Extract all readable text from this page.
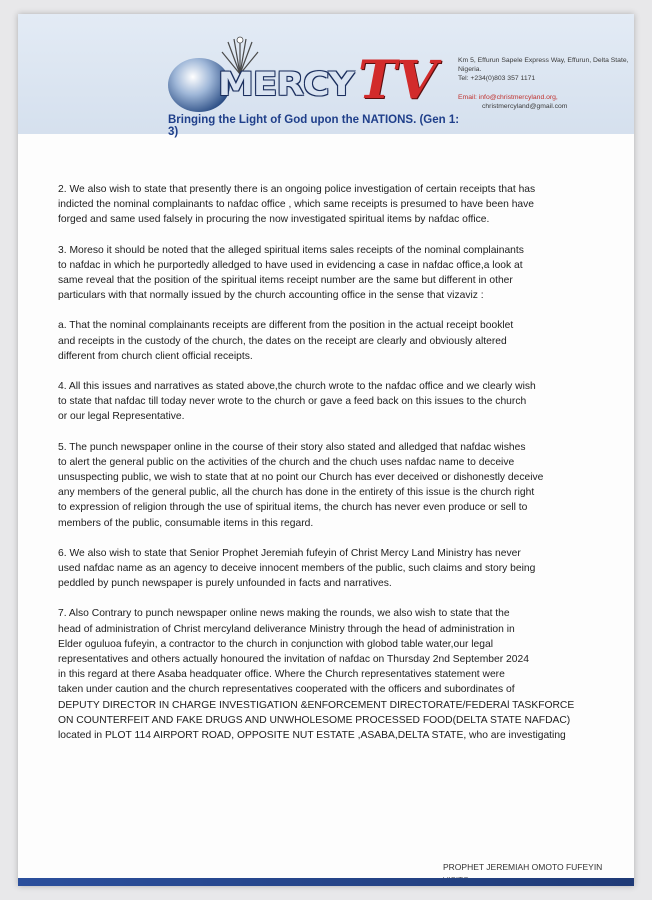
MERCY TV
Bringing the Light of God upon the NATIONS. (Gen 1: 3)
Km 5, Effurun Sapele Express Way, Effurun, Delta State, Nigeria.
Tel: +234(0)803 357 1171
Email: info@christmercyland.org,
christmercyland@gmail.com

2. We also wish to state that presently there is an ongoing police investigation of certain receipts that has
indicted the nominal complainants to nafdac office , which same receipts is presumed to have been have
forged and same used falsely in procuring the now investigated spiritual items by nafdac office.

3. Moreso it should be noted that the alleged spiritual items sales receipts of the nominal complainants
to nafdac in which he purportedly alledged to have used in evidencing a case in nafdac office,a look at
same reveal that the position of the spiritual items receipt number are the same but different in other
particulars with that normally issued by the church accounting office in the sense that vizaviz :

a. That the nominal complainants receipts are different from the position in the actual receipt booklet
and receipts in the custody of the church, the dates on the receipt are clearly and obviously altered
different from church client official receipts.

4. All this issues and narratives as stated above,the church wrote to the nafdac office and we clearly wish
to state that nafdac till today never wrote to the church or gave a feed back on this issues to the church
or our legal Representative.

5. The punch newspaper online in the course of their story also stated and alledged that nafdac wishes
to alert the general public on the activities of the church and the chuch uses nafdac name to deceive
unsuspecting public, we wish to state that at no point our Church has ever deceived or dishonestly deceive
any members of the general public, all the church has done in the entirety of this issue is the church right
to expression of religion through the use of spiritual items, the church has never even produce or sell to
members of the public, consumable items in this regard.

6. We also wish to state that Senior Prophet Jeremiah fufeyin of Christ Mercy Land Ministry has never
used nafdac name as an agency to deceive innocent members of the public, such claims and story being
peddled by punch newspaper is purely unfounded in facts and narratives.

7. Also Contrary to punch newspaper online news making the rounds, we also wish to state that the
head of administration of Christ mercyland deliverance Ministry through the head of administration in
Elder oguluoa fufeyin, a contractor to the church in conjunction with globod table water,our legal
representatives and others actually honoured the invitation of nafdac on Thursday 2nd September 2024
in this regard at there Asaba headquater office. Where the Church representatives statement were
taken under caution and the church representatives cooperated with the officers and subordinates of
DEPUTY DIRECTOR IN CHARGE INVESTIGATION &ENFORCEMENT DIRECTORATE/FEDERAl TASKFORCE
ON COUNTERFEIT AND FAKE DRUGS AND UNWHOLESOME PROCESSED FOOD(DELTA STATE NAFDAC)
located in PLOT 114 AIRPORT ROAD, OPPOSITE NUT ESTATE ,ASABA,DELTA STATE, who are investigating

PROPHET JEREMIAH OMOTO FUFEYIN
